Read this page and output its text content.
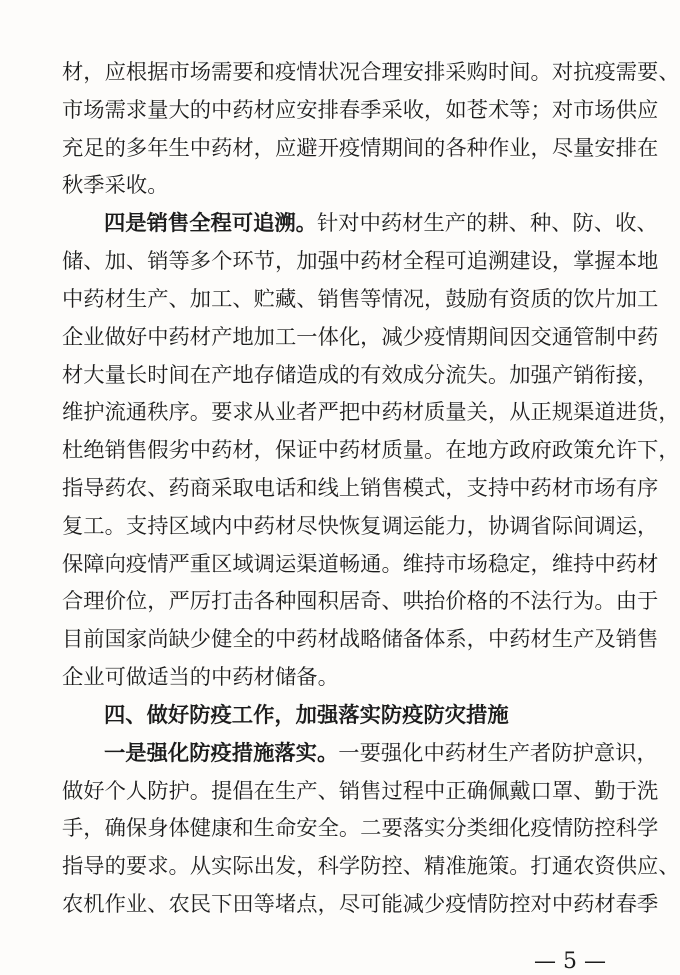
材，应根据市场需要和疫情状况合理安排采购时间。对抗疫需要、
市场需求量大的中药材应安排春季采收，如苍术等；对市场供应
充足的多年生中药材，应避开疫情期间的各种作业，尽量安排在
秋季采收。
四是销售全程可追溯。针对中药材生产的耕、种、防、收、
储、加、销等多个环节，加强中药材全程可追溯建设，掌握本地
中药材生产、加工、贮藏、销售等情况，鼓励有资质的饮片加工
企业做好中药材产地加工一体化，减少疫情期间因交通管制中药
材大量长时间在产地存储造成的有效成分流失。加强产销衔接，
维护流通秩序。要求从业者严把中药材质量关，从正规渠道进货，
杜绝销售假劣中药材，保证中药材质量。在地方政府政策允许下，
指导药农、药商采取电话和线上销售模式，支持中药材市场有序
复工。支持区域内中药材尽快恢复调运能力，协调省际间调运，
保障向疫情严重区域调运渠道畅通。维持市场稳定，维持中药材
合理价位，严厉打击各种囤积居奇、哄抬价格的不法行为。由于
目前国家尚缺少健全的中药材战略储备体系，中药材生产及销售
企业可做适当的中药材储备。
四、做好防疫工作，加强落实防疫防灾措施
一是强化防疫措施落实。一要强化中药材生产者防护意识，
做好个人防护。提倡在生产、销售过程中正确佩戴口罩、勤于洗
手，确保身体健康和生命安全。二要落实分类细化疫情防控科学
指导的要求。从实际出发，科学防控、精准施策。打通农资供应、
农机作业、农民下田等堵点，尽可能减少疫情防控对中药材春季
— 5 —
